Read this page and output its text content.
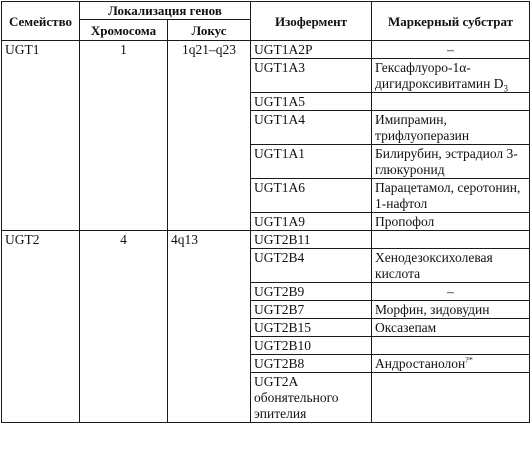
Семейство	Локализация генов		Изофермент	Маркерный субстрат
	Хромосома	Локус		
UGT1	1	1q21–q23	UGT1A2P	–
			UGT1A3	Гексафлуоро-1α-дигидроксивитамин $D_3$
			UGT1A5	
			UGT1A4	Имипрамин, трифлуоперазин
			UGT1A1	Билирубин, эстрадиол 3-глюкуронид
			UGT1A6	Парацетамол, серотонин, 1-нафтол
			UGT1A9	Пропофол
UGT2	4	4q13	UGT2B11	
			UGT2B4	Хенодезоксихолевая кислота
			UGT2B9	–
			UGT2B7	Морфин, зидовудин
			UGT2B15	Оксазепам
			UGT2B10	
			UGT2B8	Андростанолон?*
			UGT2A обонятельного эпителия	
